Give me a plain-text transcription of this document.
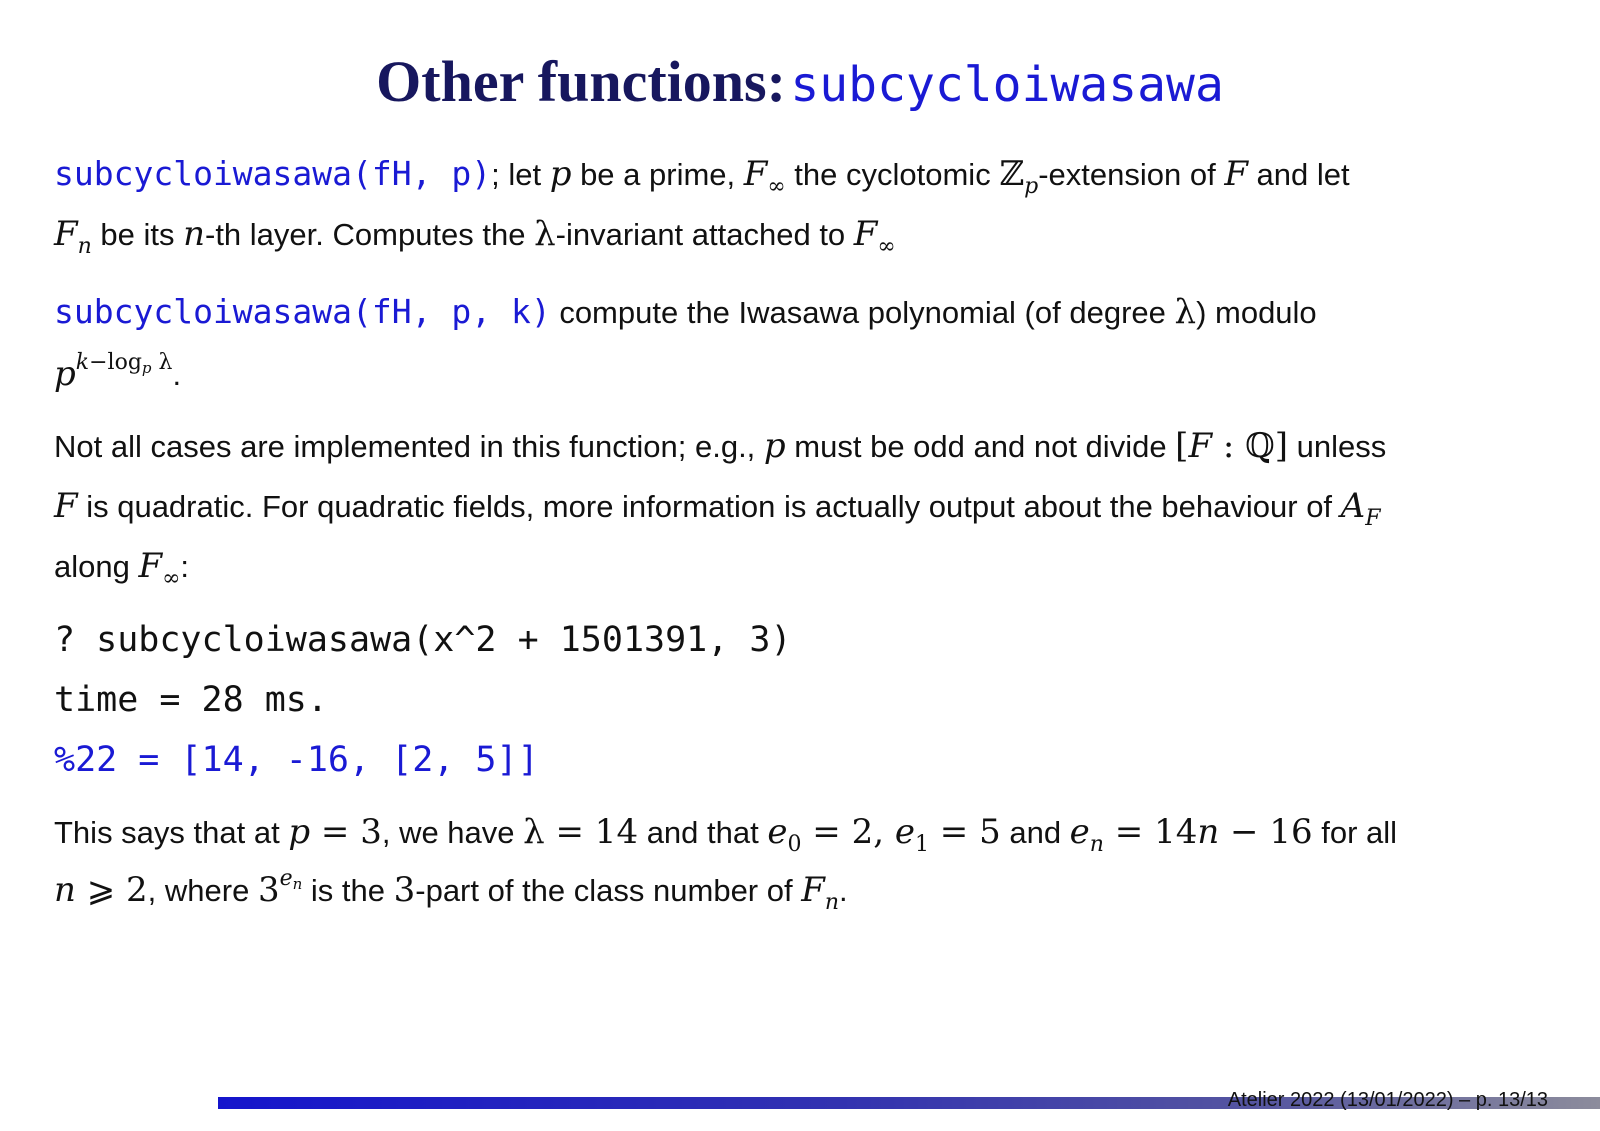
Other functions: subcycloiwasawa
subcycloiwasawa(fH, p); let p be a prime, $F_\infty$ the cyclotomic ℤ$_p$-extension of F and let
$F_n$ be its n-th layer. Computes the λ-invariant attached to $F_\infty$
subcycloiwasawa(fH, p, k) compute the Iwasawa polynomial (of degree λ) modulo
$p^{k-log_p \lambda}$.
Not all cases are implemented in this function; e.g., p must be odd and not divide [F : ℚ] unless
F is quadratic. For quadratic fields, more information is actually output about the behaviour of $A_F$
along $F_\infty$:
? subcycloiwasawa(x^2 + 1501391, 3)
time = 28 ms.
%22 = [14, -16, [2, 5]]
This says that at p = 3, we have λ = 14 and that $e_0 = 2$, $e_1 = 5$ and $e_n = 14n - 16$ for all
n ⩾ 2, where $3^{e_n}$ is the 3-part of the class number of $F_n$.
Atelier 2022 (13/01/2022) – p. 13/13
